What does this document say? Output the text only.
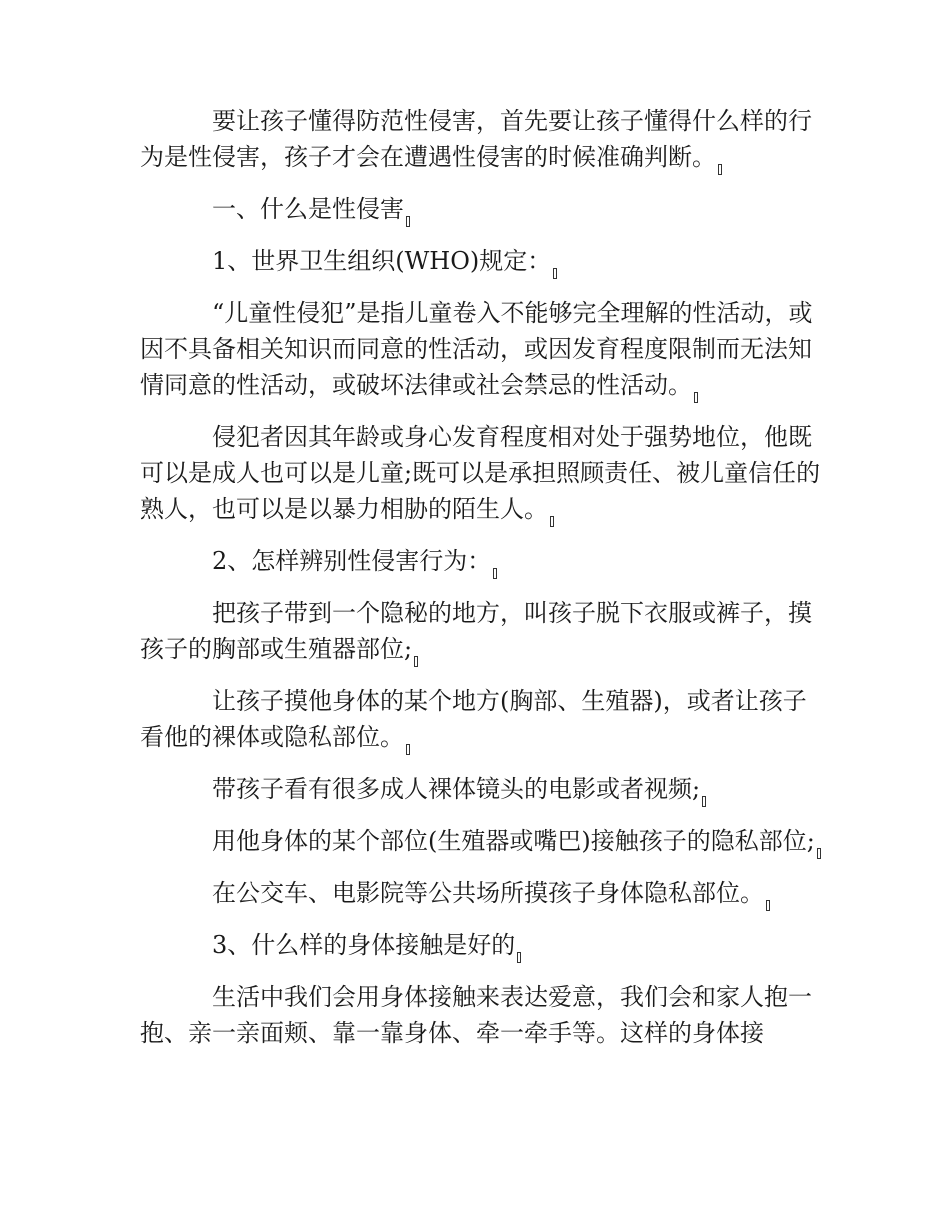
要让孩子懂得防范性侵害，首先要让孩子懂得什么样的行为是性侵害，孩子才会在遭遇性侵害的时候准确判断。

一、什么是性侵害

1、世界卫生组织(WHO)规定：

“儿童性侵犯”是指儿童卷入不能够完全理解的性活动，或因不具备相关知识而同意的性活动，或因发育程度限制而无法知情同意的性活动，或破坏法律或社会禁忌的性活动。

侵犯者因其年龄或身心发育程度相对处于强势地位，他既可以是成人也可以是儿童;既可以是承担照顾责任、被儿童信任的熟人，也可以是以暴力相胁的陌生人。

2、怎样辨别性侵害行为：

把孩子带到一个隐秘的地方，叫孩子脱下衣服或裤子，摸孩子的胸部或生殖器部位;

让孩子摸他身体的某个地方(胸部、生殖器)，或者让孩子看他的裸体或隐私部位。

带孩子看有很多成人裸体镜头的电影或者视频;

用他身体的某个部位(生殖器或嘴巴)接触孩子的隐私部位;

在公交车、电影院等公共场所摸孩子身体隐私部位。

3、什么样的身体接触是好的

生活中我们会用身体接触来表达爱意，我们会和家人抱一抱、亲一亲面颊、靠一靠身体、牵一牵手等。这样的身体接
